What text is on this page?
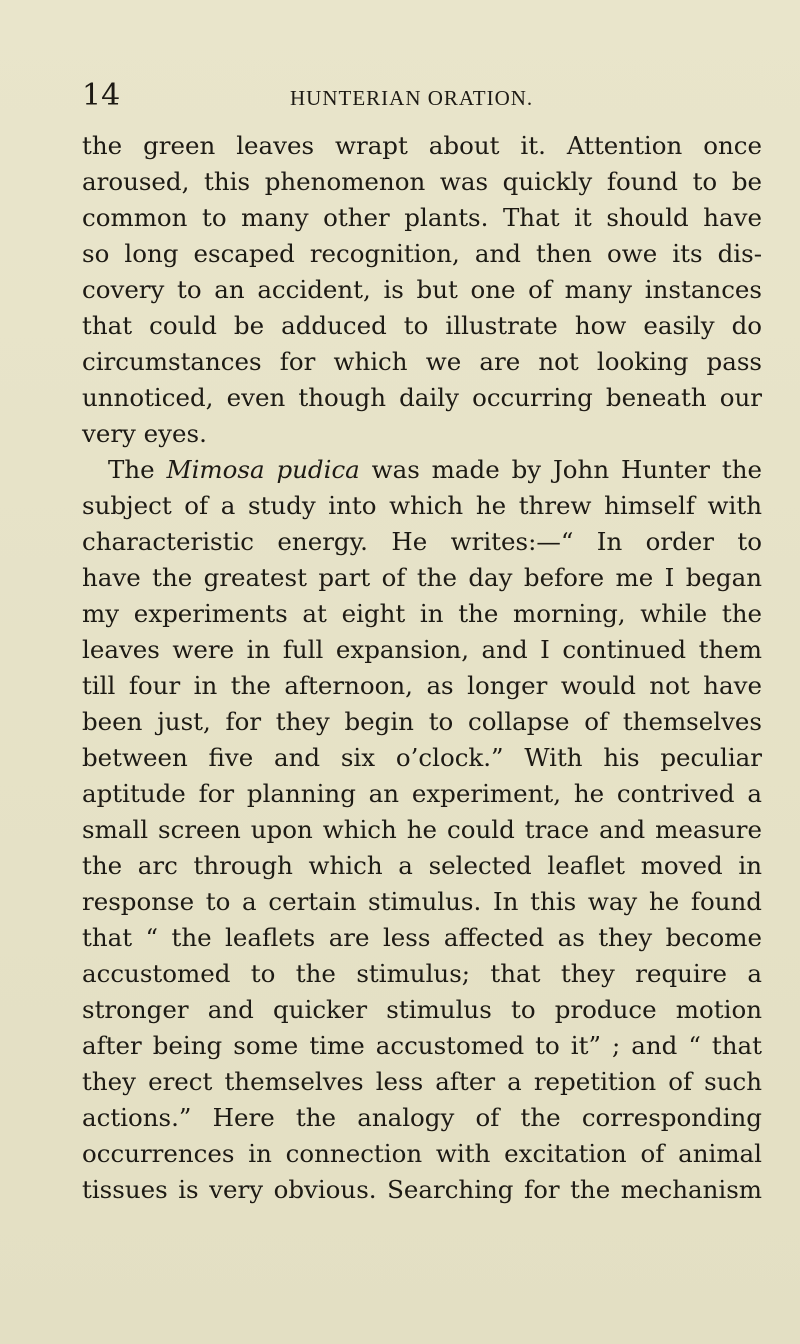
14	HUNTERIAN ORATION.
the green leaves wrapt about it. Attention once
aroused, this phenomenon was quickly found to be
common to many other plants. That it should have
so long escaped recognition, and then owe its dis-
covery to an accident, is but one of many instances
that could be adduced to illustrate how easily do
circumstances for which we are not looking pass
unnoticed, even though daily occurring beneath our
very eyes.
The Mimosa pudica was made by John Hunter the
subject of a study into which he threw himself with
characteristic energy. He writes:—“ In order to
have the greatest part of the day before me I began
my experiments at eight in the morning, while the
leaves were in full expansion, and I continued them
till four in the afternoon, as longer would not have
been just, for they begin to collapse of themselves
between five and six o’clock.” With his peculiar
aptitude for planning an experiment, he contrived a
small screen upon which he could trace and measure
the arc through which a selected leaflet moved in
response to a certain stimulus. In this way he found
that “ the leaflets are less affected as they become
accustomed to the stimulus; that they require a
stronger and quicker stimulus to produce motion
after being some time accustomed to it” ; and “ that
they erect themselves less after a repetition of such
actions.” Here the analogy of the corresponding
occurrences in connection with excitation of animal
tissues is very obvious. Searching for the mechanism
